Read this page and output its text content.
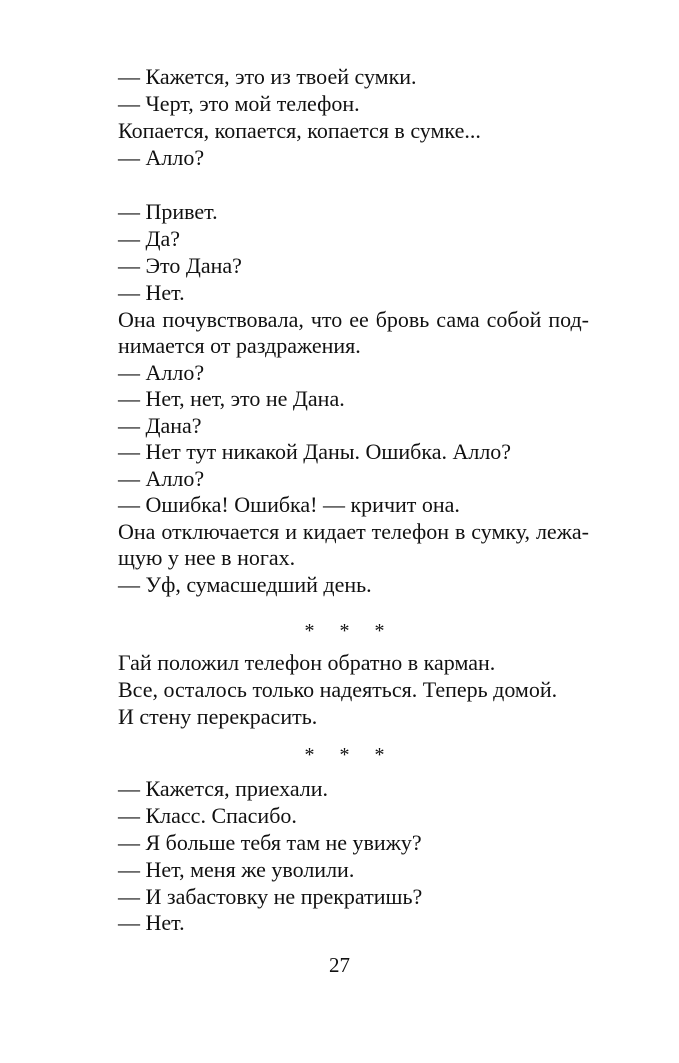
— Кажется, это из твоей сумки.
— Черт, это мой телефон.
Копается, копается, копается в сумке...
— Алло?
— Привет.
— Да?
— Это Дана?
— Нет.
Она почувствовала, что ее бровь сама собой под-
нимается от раздражения.
— Алло?
— Нет, нет, это не Дана.
— Дана?
— Нет тут никакой Даны. Ошибка. Алло?
— Алло?
— Ошибка! Ошибка! — кричит она.
Она отключается и кидает телефон в сумку, лежа-
щую у нее в ногах.
— Уф, сумасшедший день.
* * *
Гай положил телефон обратно в карман.
Все, осталось только надеяться. Теперь домой.
И стену перекрасить.
* * *
— Кажется, приехали.
— Класс. Спасибо.
— Я больше тебя там не увижу?
— Нет, меня же уволили.
— И забастовку не прекратишь?
— Нет.
27
